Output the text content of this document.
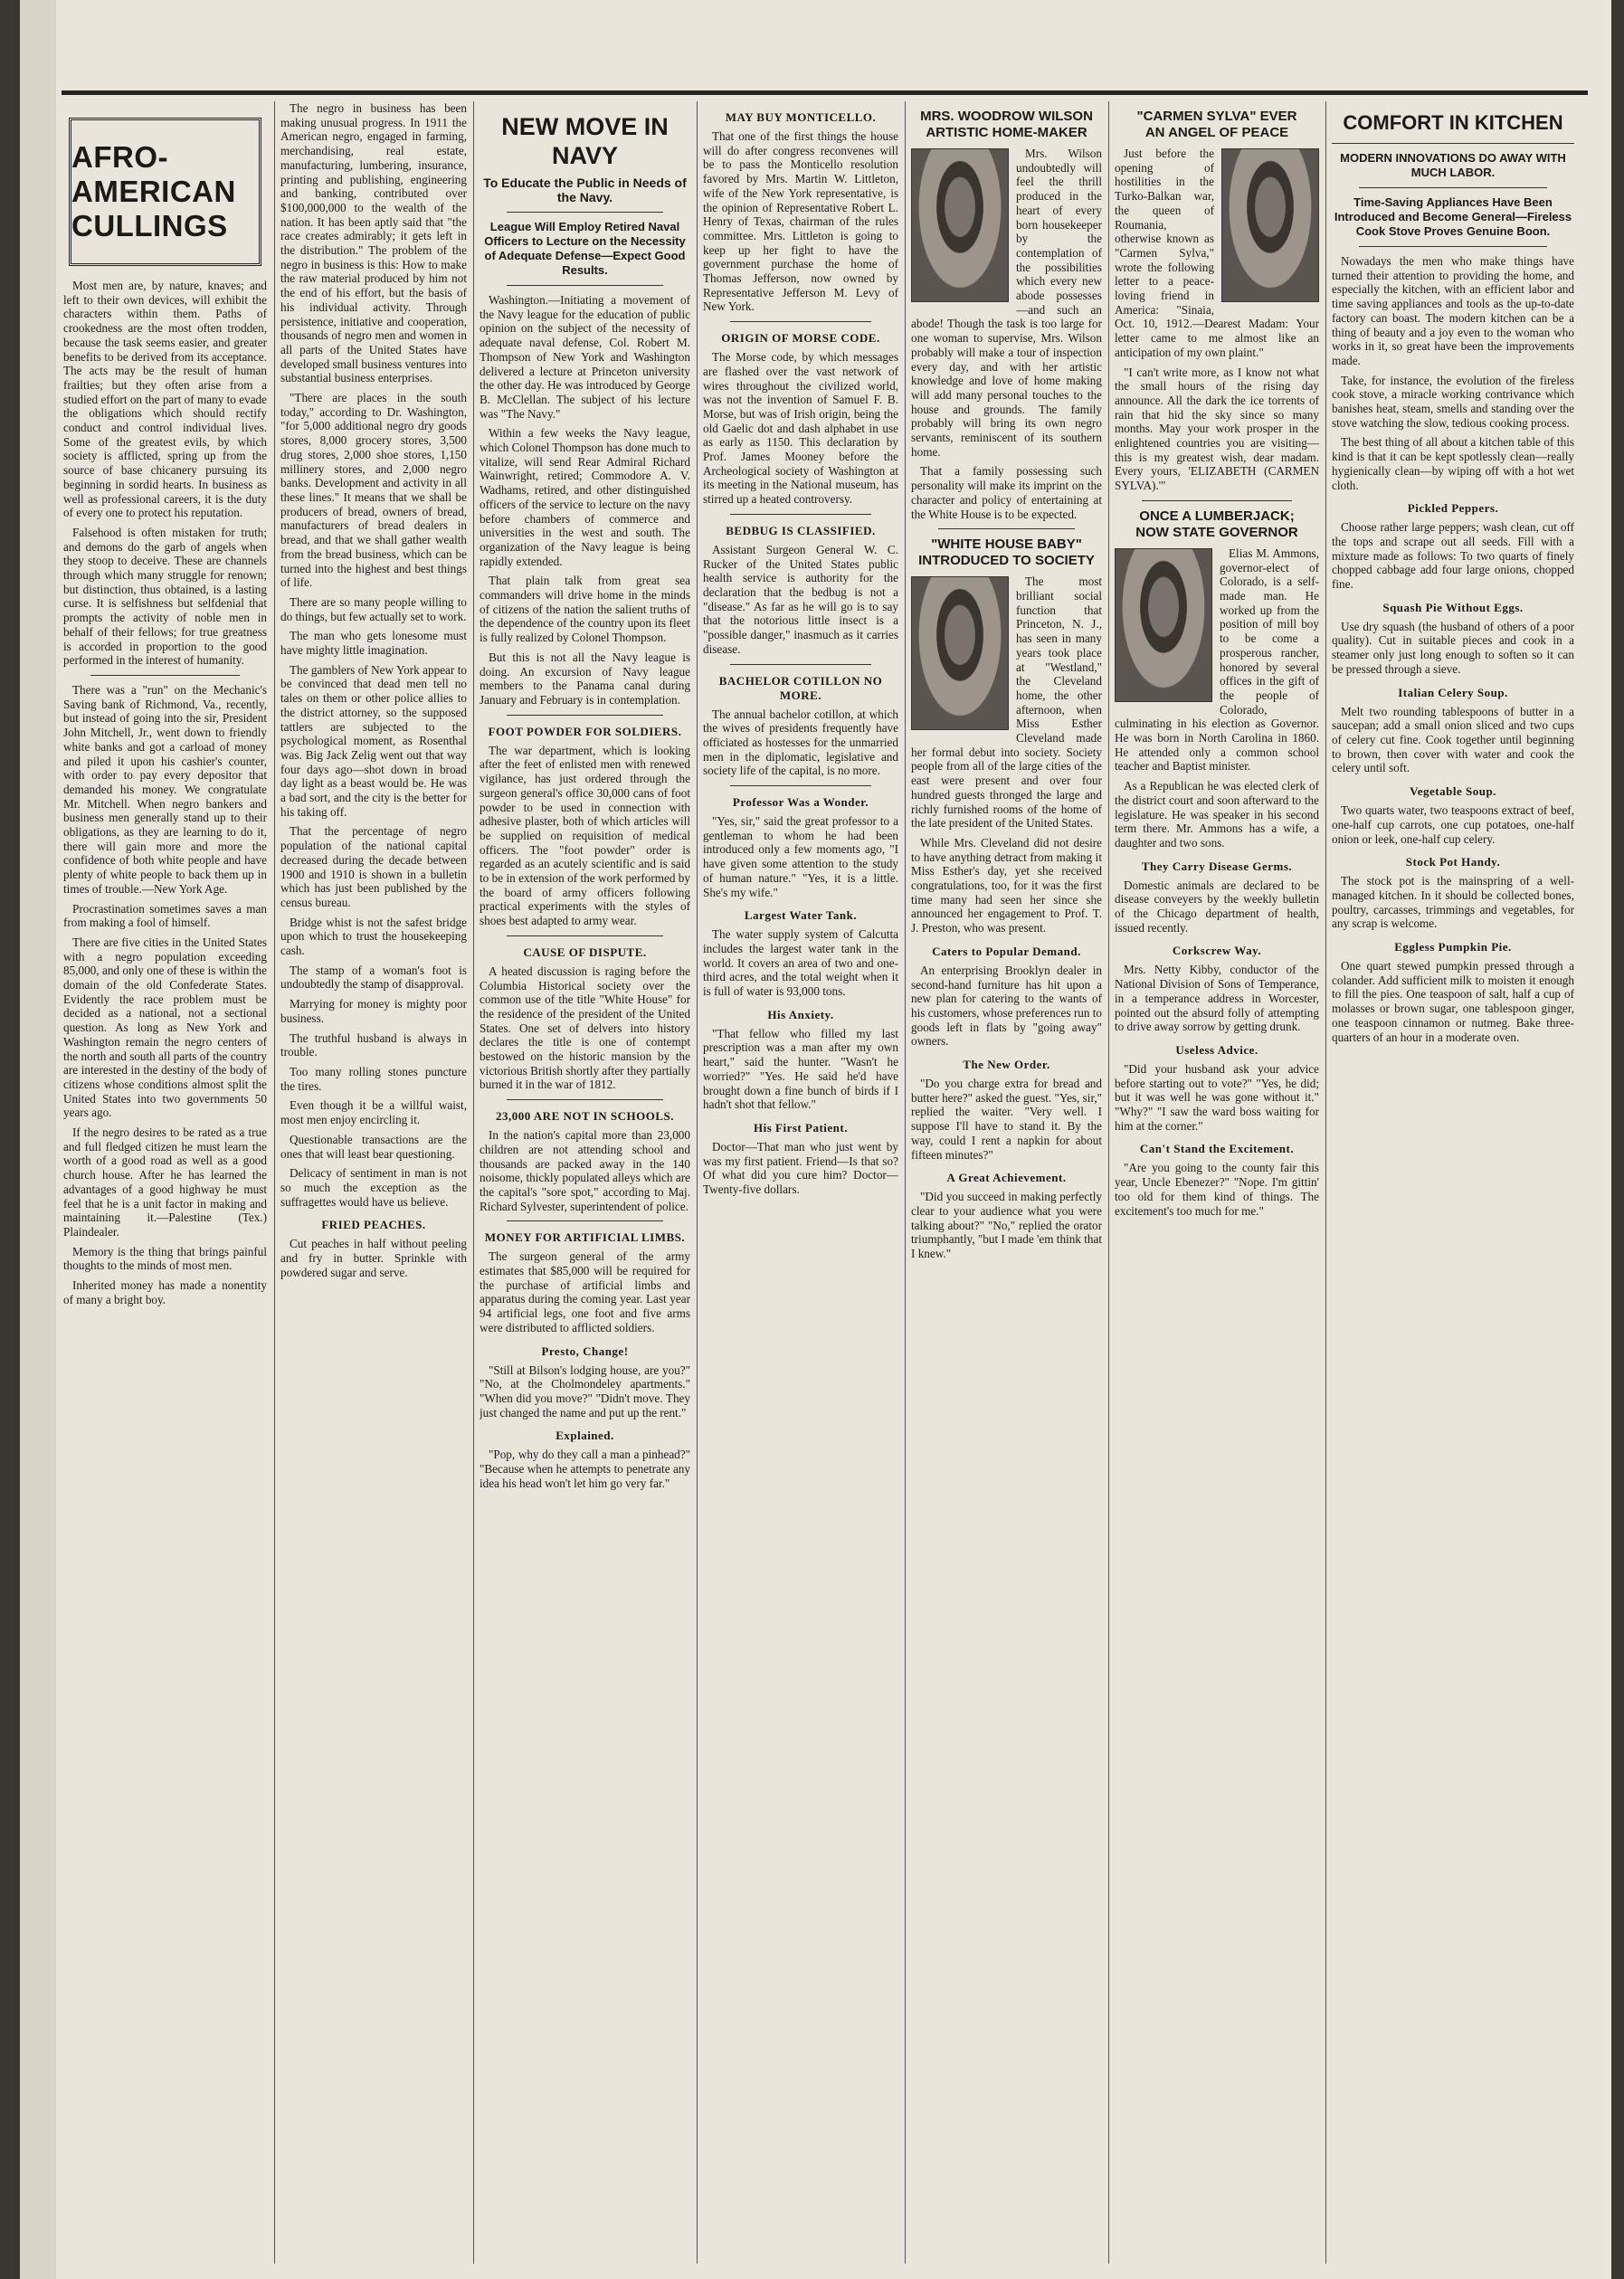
AFRO-AMERICAN CULLINGS

Most men are, by nature, knaves; and left to their own devices, will exhibit the characters within them. Paths of crookedness are the most often trodden, because the task seems easier, and greater benefits to be derived from its acceptance. The acts may be the result of human frailties; but they often arise from a studied effort on the part of many to evade the obligations which should rectify conduct and control individual lives. Some of the greatest evils, by which society is afflicted, spring up from the source of base chicanery pursuing its beginning in sordid hearts. In business as well as professional careers, it is the duty of every one to protect his reputation.

Falsehood is often mistaken for truth; and demons do the garb of angels when they stoop to deceive. These are channels through which many struggle for renown; but distinction, thus obtained, is a lasting curse. It is selfishness but selfdenial that prompts the activity of noble men in behalf of their fellows; for true greatness is accorded in proportion to the good performed in the interest of humanity.

There was a "run" on the Mechanic's Saving bank of Richmond, Va., recently, but instead of going into the sir, President John Mitchell, Jr., went down to friendly white banks and got a carload of money and piled it upon his cashier's counter, with order to pay every depositor that demanded his money. We congratulate Mr. Mitchell. When negro bankers and business men generally stand up to their obligations, as they are learning to do it, there will gain more and more the confidence of both white people and have plenty of white people to back them up in times of trouble.—New York Age.

Procrastination sometimes saves a man from making a fool of himself.

There are five cities in the United States with a negro population exceeding 85,000, and only one of these is within the domain of the old Confederate States. Evidently the race problem must be decided as a national, not a sectional question. As long as New York and Washington remain the negro centers of the north and south all parts of the country are interested in the destiny of the body of citizens whose conditions almost split the United States into two governments 50 years ago.

If the negro desires to be rated as a true and full fledged citizen he must learn the worth of a good road as well as a good church house. After he has learned the advantages of a good highway he must feel that he is a unit factor in making and maintaining it.—Palestine (Tex.) Plaindealer.

Memory is the thing that brings painful thoughts to the minds of most men.

Inherited money has made a nonentity of many a bright boy.

The negro in business has been making unusual progress. In 1911 the American negro, engaged in farming, merchandising, real estate, manufacturing, lumbering, insurance, printing and publishing, engineering and banking, contributed over $100,000,000 to the wealth of the nation. It has been aptly said that "the race creates admirably; it gets left in the distribution." The problem of the negro in business is this: How to make the raw material produced by him not the end of his effort, but the basis of his individual activity. Through persistence, initiative and cooperation, thousands of negro men and women in all parts of the United States have developed small business ventures into substantial business enterprises.

"There are places in the south today," according to Dr. Washington, "for 5,000 additional negro dry goods stores, 8,000 grocery stores, 3,500 drug stores, 2,000 shoe stores, 1,150 millinery stores, and 2,000 negro banks. Development and activity in all these lines." It means that we shall be producers of bread, owners of bread, manufacturers of bread dealers in bread, and that we shall gather wealth from the bread business, which can be turned into the highest and best things of life.

There are so many people willing to do things, but few actually set to work.

The man who gets lonesome must have mighty little imagination.

The gamblers of New York appear to be convinced that dead men tell no tales on them or other police allies to the district attorney, so the supposed tattlers are subjected to the psychological moment, as Rosenthal was. Big Jack Zelig went out that way four days ago—shot down in broad day light as a beast would be. He was a bad sort, and the city is the better for his taking off.

That the percentage of negro population of the national capital decreased during the decade between 1900 and 1910 is shown in a bulletin which has just been published by the census bureau.

Bridge whist is not the safest bridge upon which to trust the housekeeping cash.

The stamp of a woman's foot is undoubtedly the stamp of disapproval.

Marrying for money is mighty poor business.

The truthful husband is always in trouble.

Too many rolling stones puncture the tires.

Even though it be a willful waist, most men enjoy encircling it.

Questionable transactions are the ones that will least bear questioning.

Delicacy of sentiment in man is not so much the exception as the suffragettes would have us believe.

FRIED PEACHES.

Cut peaches in half without peeling and fry in butter. Sprinkle with powdered sugar and serve.

NEW MOVE IN NAVY
To Educate the Public in Needs of the Navy.
League Will Employ Retired Naval Officers to Lecture on the Necessity of Adequate Defense—Expect Good Results.

Washington.—Initiating a movement of the Navy league for the education of public opinion on the subject of the necessity of adequate naval defense, Col. Robert M. Thompson of New York and Washington delivered a lecture at Princeton university the other day. He was introduced by George B. McClellan. The subject of his lecture was "The Navy."

Within a few weeks the Navy league, which Colonel Thompson has done much to vitalize, will send Rear Admiral Richard Wainwright, retired; Commodore A. V. Wadhams, retired, and other distinguished officers of the service to lecture on the navy before chambers of commerce and universities in the west and south. The organization of the Navy league is being rapidly extended.

That plain talk from great sea commanders will drive home in the minds of citizens of the nation the salient truths of the dependence of the country upon its fleet is fully realized by Colonel Thompson.

But this is not all the Navy league is doing. An excursion of Navy league members to the Panama canal during January and February is in contemplation.

FOOT POWDER FOR SOLDIERS.

The war department, which is looking after the feet of enlisted men with renewed vigilance, has just ordered through the surgeon general's office 30,000 cans of foot powder to be used in connection with adhesive plaster, both of which articles will be supplied on requisition of medical officers. The "foot powder" order is regarded as an acutely scientific and is said to be in extension of the work performed by the board of army officers following practical experiments with the styles of shoes best adapted to army wear.

CAUSE OF DISPUTE.

A heated discussion is raging before the Columbia Historical society over the common use of the title "White House" for the residence of the president of the United States. One set of delvers into history declares the title is one of contempt bestowed on the historic mansion by the victorious British shortly after they partially burned it in the war of 1812.

23,000 ARE NOT IN SCHOOLS.

In the nation's capital more than 23,000 children are not attending school and thousands are packed away in the 140 noisome, thickly populated alleys which are the capital's "sore spot," according to Maj. Richard Sylvester, superintendent of police.

MONEY FOR ARTIFICIAL LIMBS.

The surgeon general of the army estimates that $85,000 will be required for the purchase of artificial limbs and apparatus during the coming year. Last year 94 artificial legs, one foot and five arms were distributed to afflicted soldiers.

Presto, Change!

"Still at Bilson's lodging house, are you?" "No, at the Cholmondeley apartments." "When did you move?" "Didn't move. They just changed the name and put up the rent."

Explained.

"Pop, why do they call a man a pinhead?" "Because when he attempts to penetrate any idea his head won't let him go very far."

MAY BUY MONTICELLO.

That one of the first things the house will do after congress reconvenes will be to pass the Monticello resolution favored by Mrs. Martin W. Littleton, wife of the New York representative, is the opinion of Representative Robert L. Henry of Texas, chairman of the rules committee. Mrs. Littleton is going to keep up her fight to have the government purchase the home of Thomas Jefferson, now owned by Representative Jefferson M. Levy of New York.

ORIGIN OF MORSE CODE.

The Morse code, by which messages are flashed over the vast network of wires throughout the civilized world, was not the invention of Samuel F. B. Morse, but was of Irish origin, being the old Gaelic dot and dash alphabet in use as early as 1150. This declaration by Prof. James Mooney before the Archeological society of Washington at its meeting in the National museum, has stirred up a heated controversy.

BEDBUG IS CLASSIFIED.

Assistant Surgeon General W. C. Rucker of the United States public health service is authority for the declaration that the bedbug is not a "disease." As far as he will go is to say that the notorious little insect is a "possible danger," inasmuch as it carries disease.

BACHELOR COTILLON NO MORE.

The annual bachelor cotillon, at which the wives of presidents frequently have officiated as hostesses for the unmarried men in the diplomatic, legislative and society life of the capital, is no more.

Professor Was a Wonder.

"Yes, sir," said the great professor to a gentleman to whom he had been introduced only a few moments ago, "I have given some attention to the study of human nature." "Yes, it is a little. She's my wife."

Largest Water Tank.

The water supply system of Calcutta includes the largest water tank in the world. It covers an area of two and one-third acres, and the total weight when it is full of water is 93,000 tons.

His Anxiety.

"That fellow who filled my last prescription was a man after my own heart," said the hunter. "Wasn't he worried?" "Yes. He said he'd have brought down a fine bunch of birds if I hadn't shot that fellow."

His First Patient.

Doctor—That man who just went by was my first patient. Friend—Is that so? Of what did you cure him? Doctor—Twenty-five dollars.

MRS. WOODROW WILSON
ARTISTIC HOME-MAKER

Mrs. Wilson undoubtedly will feel the thrill produced in the heart of every born housekeeper by the contemplation of the possibilities which every new abode possesses—and such an abode! Though the task is too large for one woman to supervise, Mrs. Wilson probably will make a tour of inspection every day, and with her artistic knowledge and love of home making will add many personal touches to the house and grounds. The family probably will bring its own negro servants, reminiscent of its southern home.

That a family possessing such personality will make its imprint on the character and policy of entertaining at the White House is to be expected.

"WHITE HOUSE BABY"
INTRODUCED TO SOCIETY

The most brilliant social function that Princeton, N. J., has seen in many years took place at "Westland," the Cleveland home, the other afternoon, when Miss Esther Cleveland made her formal debut into society. Society people from all of the large cities of the east were present and over four hundred guests thronged the large and richly furnished rooms of the home of the late president of the United States.

While Mrs. Cleveland did not desire to have anything detract from making it Miss Esther's day, yet she received congratulations, too, for it was the first time many had seen her since she announced her engagement to Prof. T. J. Preston, who was present.

Caters to Popular Demand.

An enterprising Brooklyn dealer in second-hand furniture has hit upon a new plan for catering to the wants of his customers, whose preferences run to goods left in flats by "going away" owners.

The New Order.

"Do you charge extra for bread and butter here?" asked the guest. "Yes, sir," replied the waiter. "Very well. I suppose I'll have to stand it. By the way, could I rent a napkin for about fifteen minutes?"

A Great Achievement.

"Did you succeed in making perfectly clear to your audience what you were talking about?" "No," replied the orator triumphantly, "but I made 'em think that I knew."

"CARMEN SYLVA" EVER
AN ANGEL OF PEACE

Just before the opening of hostilities in the Turko-Balkan war, the queen of Roumania, otherwise known as "Carmen Sylva," wrote the following letter to a peace-loving friend in America: "Sinaia, Oct. 10, 1912.—Dearest Madam: Your letter came to me almost like an anticipation of my own plaint."

"I can't write more, as I know not what the small hours of the rising day announce. All the dark the ice torrents of rain that hid the sky since so many months. May your work prosper in the enlightened countries you are visiting—this is my greatest wish, dear madam. Every yours, 'ELIZABETH (CARMEN SYLVA).'"

ONCE A LUMBERJACK;
NOW STATE GOVERNOR

Elias M. Ammons, governor-elect of Colorado, is a self-made man. He worked up from the position of mill boy to be come a prosperous rancher, honored by several offices in the gift of the people of Colorado, culminating in his election as Governor. He was born in North Carolina in 1860. He attended only a common school teacher and Baptist minister.

As a Republican he was elected clerk of the district court and soon afterward to the legislature. He was speaker in his second term there. Mr. Ammons has a wife, a daughter and two sons.

They Carry Disease Germs.

Domestic animals are declared to be disease conveyers by the weekly bulletin of the Chicago department of health, issued recently.

Corkscrew Way.

Mrs. Netty Kibby, conductor of the National Division of Sons of Temperance, in a temperance address in Worcester, pointed out the absurd folly of attempting to drive away sorrow by getting drunk.

Useless Advice.

"Did your husband ask your advice before starting out to vote?" "Yes, he did; but it was well he was gone without it." "Why?" "I saw the ward boss waiting for him at the corner."

Can't Stand the Excitement.

"Are you going to the county fair this year, Uncle Ebenezer?" "Nope. I'm gittin' too old for them kind of things. The excitement's too much for me."

COMFORT IN KITCHEN
MODERN INNOVATIONS DO AWAY WITH MUCH LABOR.
Time-Saving Appliances Have Been Introduced and Become General—Fireless Cook Stove Proves Genuine Boon.

Nowadays the men who make things have turned their attention to providing the home, and especially the kitchen, with an efficient labor and time saving appliances and tools as the up-to-date factory can boast. The modern kitchen can be a thing of beauty and a joy even to the woman who works in it, so great have been the improvements made.

Take, for instance, the evolution of the fireless cook stove, a miracle working contrivance which banishes heat, steam, smells and standing over the stove watching the slow, tedious cooking process.

The best thing of all about a kitchen table of this kind is that it can be kept spotlessly clean—really hygienically clean—by wiping off with a hot wet cloth.

Pickled Peppers.

Choose rather large peppers; wash clean, cut off the tops and scrape out all seeds. Fill with a mixture made as follows: To two quarts of finely chopped cabbage add four large onions, chopped fine.

Squash Pie Without Eggs.

Use dry squash (the husband of others of a poor quality). Cut in suitable pieces and cook in a steamer only just long enough to soften so it can be pressed through a sieve.

Italian Celery Soup.

Melt two rounding tablespoons of butter in a saucepan; add a small onion sliced and two cups of celery cut fine. Cook together until beginning to brown, then cover with water and cook the celery until soft.

Vegetable Soup.

Two quarts water, two teaspoons extract of beef, one-half cup carrots, one cup potatoes, one-half onion or leek, one-half cup celery.

Stock Pot Handy.

The stock pot is the mainspring of a well-managed kitchen. In it should be collected bones, poultry, carcasses, trimmings and vegetables, for any scrap is welcome.

Eggless Pumpkin Pie.

One quart stewed pumpkin pressed through a colander. Add sufficient milk to moisten it enough to fill the pies. One teaspoon of salt, half a cup of molasses or brown sugar, one tablespoon ginger, one teaspoon cinnamon or nutmeg. Bake three-quarters of an hour in a moderate oven.
